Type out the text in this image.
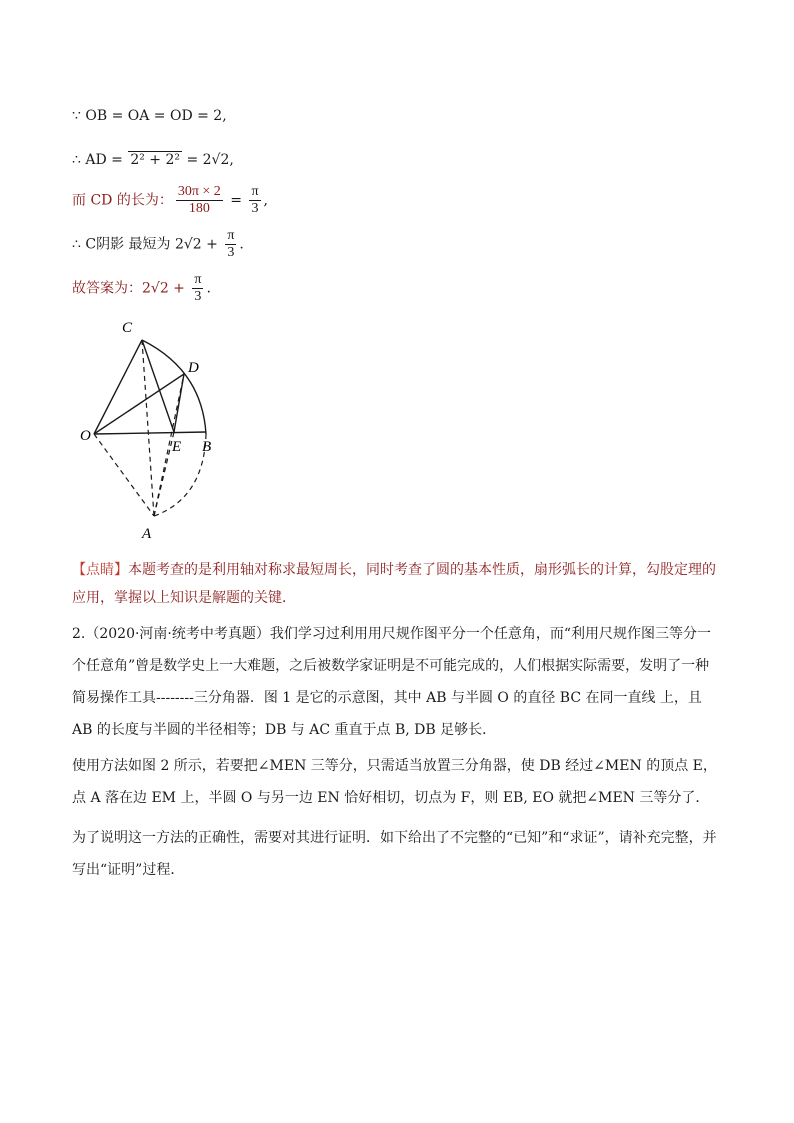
∵ OB = OA = OD = 2,
∴ AD = 2² + 2² = 2√2,
而 CD 的长为： $\frac{30\pi \times 2}{180} = \frac{\pi}{3}$ ,
∴ C阴影 最短为 $2√2 + \frac{\pi}{3}$ .
故答案为：$2√2 + \frac{\pi}{3}$ .
C
D
O
E B
A
【点睛】本题考查的是利用轴对称求最短周长，同时考查了圆的基本性质，扇形弧长的计算，勾股定理的应用，掌握以上知识是解题的关键．
2.（2020·河南·统考中考真题）我们学习过利用用尺规作图平分一个任意角，而“利用尺规作图三等分一个任意角”曾是数学史上一大难题，之后被数学家证明是不可能完成的，人们根据实际需要，发明了一种简易操作工具--------三分角器．图 1 是它的示意图，其中 AB 与半圆 O 的直径 BC 在同一直线 上，且 AB 的长度与半圆的半径相等；DB 与 AC 重直于点 B, DB 足够长．
使用方法如图 2 所示，若要把∠MEN 三等分，只需适当放置三分角器，使 DB 经过∠MEN 的顶点 E，点 A 落在边 EM 上，半圆 O 与另一边 EN 恰好相切，切点为 F，则 EB, EO 就把∠MEN 三等分了．
为了说明这一方法的正确性，需要对其进行证明．如下给出了不完整的“已知”和“求证”，请补充完整，并写出“证明”过程．
